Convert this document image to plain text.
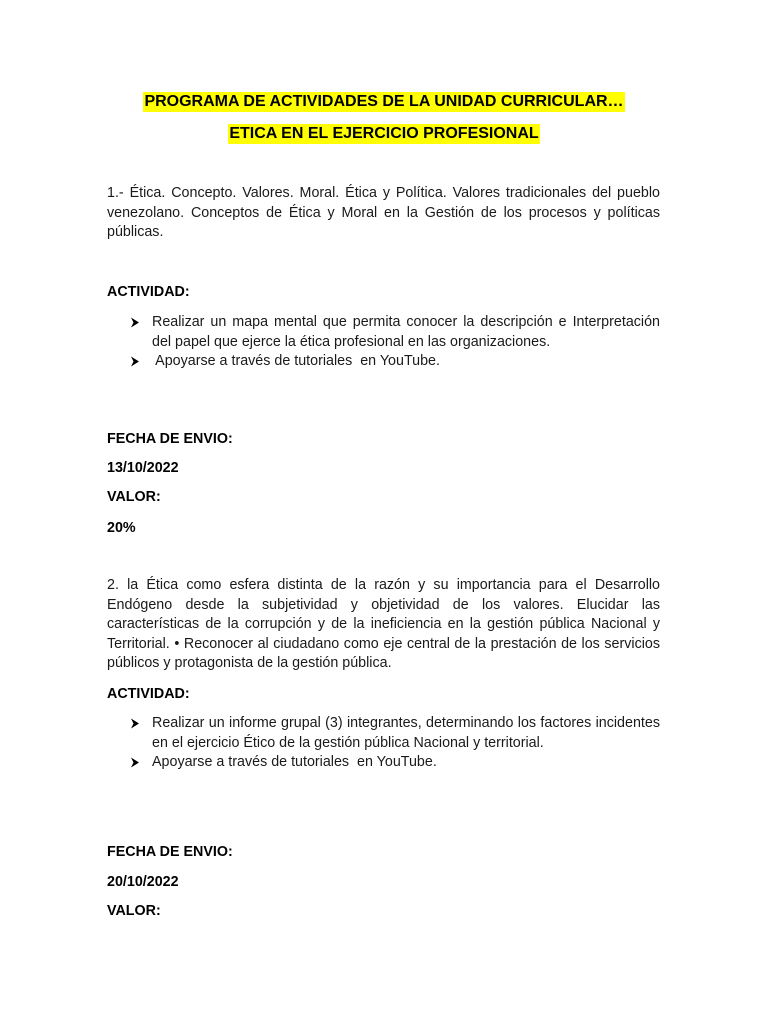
PROGRAMA DE ACTIVIDADES DE LA UNIDAD CURRICULAR…
ETICA EN EL EJERCICIO PROFESIONAL
1.- Ética. Concepto. Valores. Moral. Ética y Política. Valores tradicionales del pueblo venezolano. Conceptos de Ética y Moral en la Gestión de los procesos y políticas públicas.
ACTIVIDAD:
Realizar un mapa mental que permita conocer la descripción e Interpretación del papel que ejerce la ética profesional en las organizaciones.
Apoyarse a través de tutoriales  en YouTube.
FECHA DE ENVIO:
13/10/2022
VALOR:
20%
2. la Ética como esfera distinta de la razón y su importancia para el Desarrollo Endógeno desde la subjetividad y objetividad de los valores. Elucidar las características de la corrupción y de la ineficiencia en la gestión pública Nacional y Territorial. • Reconocer al ciudadano como eje central de la prestación de los servicios públicos y protagonista de la gestión pública.
ACTIVIDAD:
Realizar un informe grupal (3) integrantes, determinando los factores incidentes en el ejercicio Ético de la gestión pública Nacional y territorial.
Apoyarse a través de tutoriales  en YouTube.
FECHA DE ENVIO:
20/10/2022
VALOR:
